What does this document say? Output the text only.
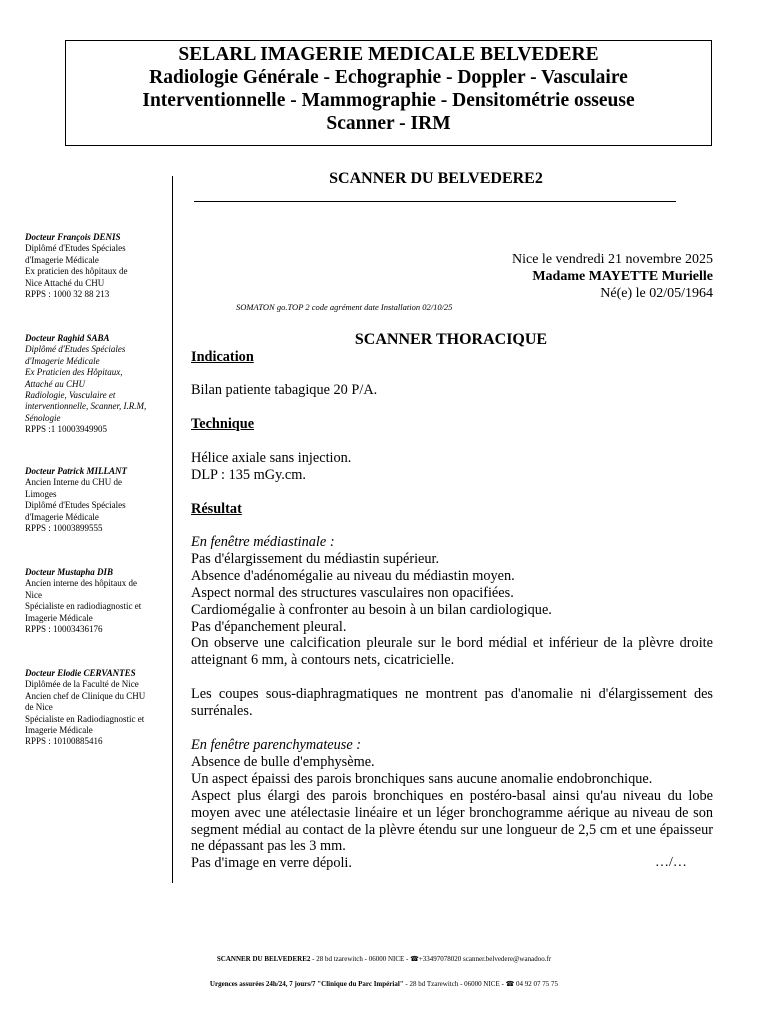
SELARL IMAGERIE MEDICALE BELVEDERE
Radiologie Générale - Echographie - Doppler - Vasculaire
Interventionnelle - Mammographie - Densitométrie osseuse
Scanner - IRM
SCANNER DU BELVEDERE2
Docteur François DENIS
Diplômé d'Etudes Spéciales
d'Imagerie Médicale
Ex praticien des hôpitaux de
Nice Attaché du CHU
RPPS : 1000 32 88 213
Docteur Raghid SABA
Diplômé d'Etudes Spéciales
d'Imagerie Médicale
Ex Praticien des Hôpitaux,
Attaché au CHU
Radiologie, Vasculaire et
interventionnelle, Scanner, I.R.M,
Sénologie
RPPS :1 10003949905
Docteur Patrick MILLANT
Ancien Interne du CHU de
Limoges
Diplômé d'Etudes Spéciales
d'Imagerie Médicale
RPPS : 10003899555
Docteur Mustapha DIB
Ancien interne des hôpitaux de
Nice
Spécialiste en radiodiagnostic et
Imagerie Médicale
RPPS : 10003436176
Docteur Elodie CERVANTES
Diplômée de la Faculté de Nice
Ancien chef de Clinique du CHU
de Nice
Spécialiste en Radiodiagnostic et
Imagerie Médicale
RPPS : 10100885416
Nice le vendredi 21 novembre 2025
Madame MAYETTE Murielle
Né(e) le 02/05/1964
SOMATON go.TOP 2 code agrément date Installation 02/10/25
SCANNER THORACIQUE
Indication
Bilan patiente tabagique 20 P/A.
Technique
Hélice axiale sans injection.
DLP : 135 mGy.cm.
Résultat
En fenêtre médiastinale :
Pas d'élargissement du médiastin supérieur.
Absence d'adénomégalie au niveau du médiastin moyen.
Aspect normal des structures vasculaires non opacifiées.
Cardiomégalie à confronter au besoin à un bilan cardiologique.
Pas d'épanchement pleural.
On observe une calcification pleurale sur le bord médial et inférieur de la plèvre droite atteignant 6 mm, à contours nets, cicatricielle.
Les coupes sous-diaphragmatiques ne montrent pas d'anomalie ni d'élargissement des surrénales.
En fenêtre parenchymateuse :
Absence de bulle d'emphysème.
Un aspect épaissi des parois bronchiques sans aucune anomalie endobronchique.
Aspect plus élargi des parois bronchiques en postéro-basal ainsi qu'au niveau du lobe moyen avec une atélectasie linéaire et un léger bronchogramme aérique au niveau de son segment médial au contact de la plèvre étendu sur une longueur de 2,5 cm et une épaisseur ne dépassant pas les 3 mm.
Pas d'image en verre dépoli.	…/…
SCANNER DU BELVEDERE2 - 28 bd tzarewitch - 06000 NICE - ☎+33497078020 scanner.belvedere@wanadoo.fr
Urgences assurées 24h/24, 7 jours/7 "Clinique du Parc Impérial" - 28 bd Tzarewitch - 06000 NICE - ☎ 04 92 07 75 75
